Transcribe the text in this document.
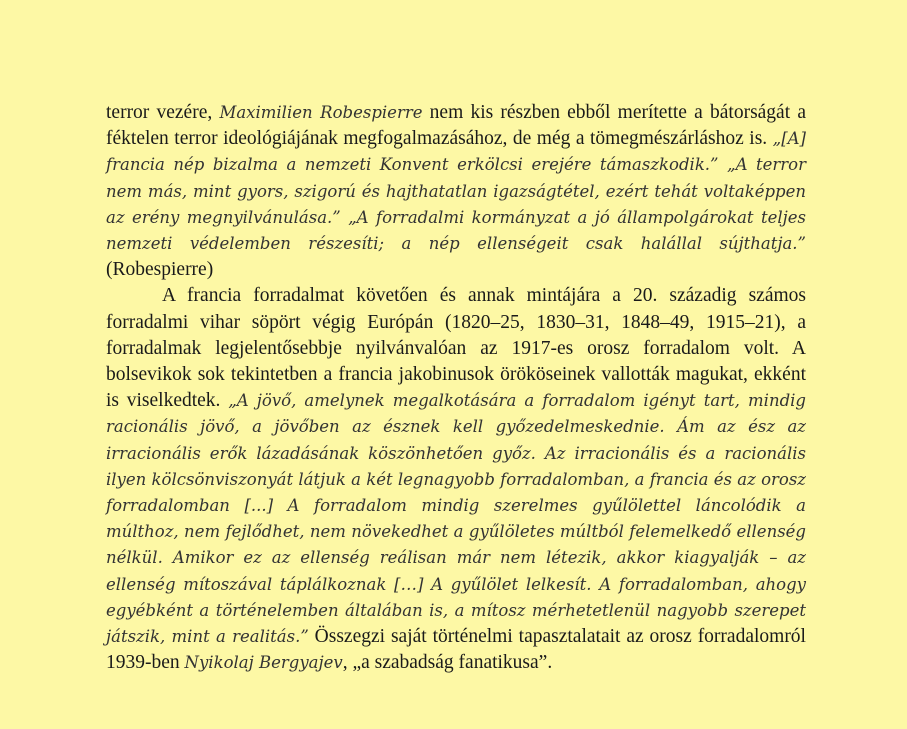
terror vezére, Maximilien Robespierre nem kis részben ebből merítette a bátorságát a féktelen terror ideológiájának megfogalmazásához, de még a tömegmészárláshoz is. „[A] francia nép bizalma a nemzeti Konvent erkölcsi erejére támaszkodik.” „A terror nem más, mint gyors, szigorú és hajthatatlan igazságtétel, ezért tehát voltaképpen az erény megnyilvánulása.” „A forradalmi kormányzat a jó állampolgárokat teljes nemzeti védelemben részesíti; a nép ellenségeit csak halállal sújthatja.” (Robespierre)

A francia forradalmat követően és annak mintájára a 20. századig számos forradalmi vihar söpört végig Európán (1820–25, 1830–31, 1848–49, 1915–21), a forradalmak legjelentősebbje nyilvánvalóan az 1917-es orosz forradalom volt. A bolsevikok sok tekintetben a francia jakobinusok örököseinek vallották magukat, ekként is viselkedtek. „A jövő, amelynek megalkotására a forradalom igényt tart, mindig racionális jövő, a jövőben az észnek kell győzedelmeskednie. Ám az ész az irracionális erők lázadásának köszönhetően győz. Az irracionális és a racionális ilyen kölcsönviszonyát látjuk a két legnagyobb forradalomban, a francia és az orosz forradalomban [...] A forradalom mindig szerelmes gyűlölettel láncolódik a múlthoz, nem fejlődhet, nem növekedhet a gyűlöletes múltból felemelkedő ellenség nélkül. Amikor ez az ellenség reálisan már nem létezik, akkor kiagyalják – az ellenség mítoszával táplálkoznak […] A gyűlölet lelkesít. A forradalomban, ahogy egyébként a történelemben általában is, a mítosz mérhetetlenül nagyobb szerepet játszik, mint a realitás.” Összegzi saját történelmi tapasztalatait az orosz forradalomról 1939-ben Nyikolaj Bergyajev, „a szabadság fanatikusa”.
